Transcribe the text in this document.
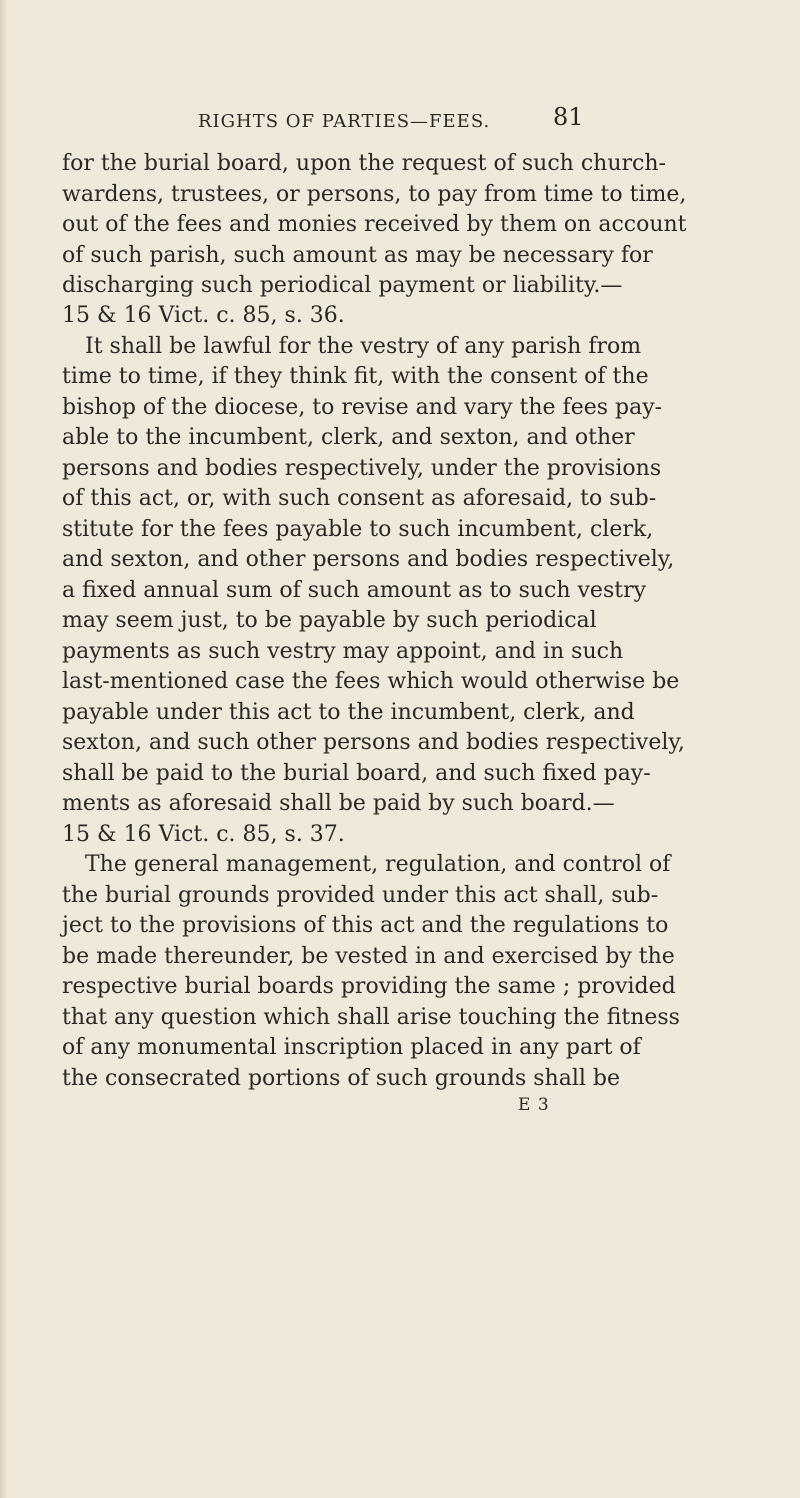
RIGHTS OF PARTIES—FEES.	81
for the burial board, upon the request of such church-
wardens, trustees, or persons, to pay from time to time,
out of the fees and monies received by them on account
of such parish, such amount as may be necessary for
discharging such periodical payment or liability.—
15 & 16 Vict. c. 85, s. 36.
It shall be lawful for the vestry of any parish from
time to time, if they think fit, with the consent of the
bishop of the diocese, to revise and vary the fees pay-
able to the incumbent, clerk, and sexton, and other
persons and bodies respectively, under the provisions
of this act, or, with such consent as aforesaid, to sub-
stitute for the fees payable to such incumbent, clerk,
and sexton, and other persons and bodies respectively,
a fixed annual sum of such amount as to such vestry
may seem just, to be payable by such periodical
payments as such vestry may appoint, and in such
last-mentioned case the fees which would otherwise be
payable under this act to the incumbent, clerk, and
sexton, and such other persons and bodies respectively,
shall be paid to the burial board, and such fixed pay-
ments as aforesaid shall be paid by such board.—
15 & 16 Vict. c. 85, s. 37.
The general management, regulation, and control of
the burial grounds provided under this act shall, sub-
ject to the provisions of this act and the regulations to
be made thereunder, be vested in and exercised by the
respective burial boards providing the same ; provided
that any question which shall arise touching the fitness
of any monumental inscription placed in any part of
the consecrated portions of such grounds shall be
E 3
